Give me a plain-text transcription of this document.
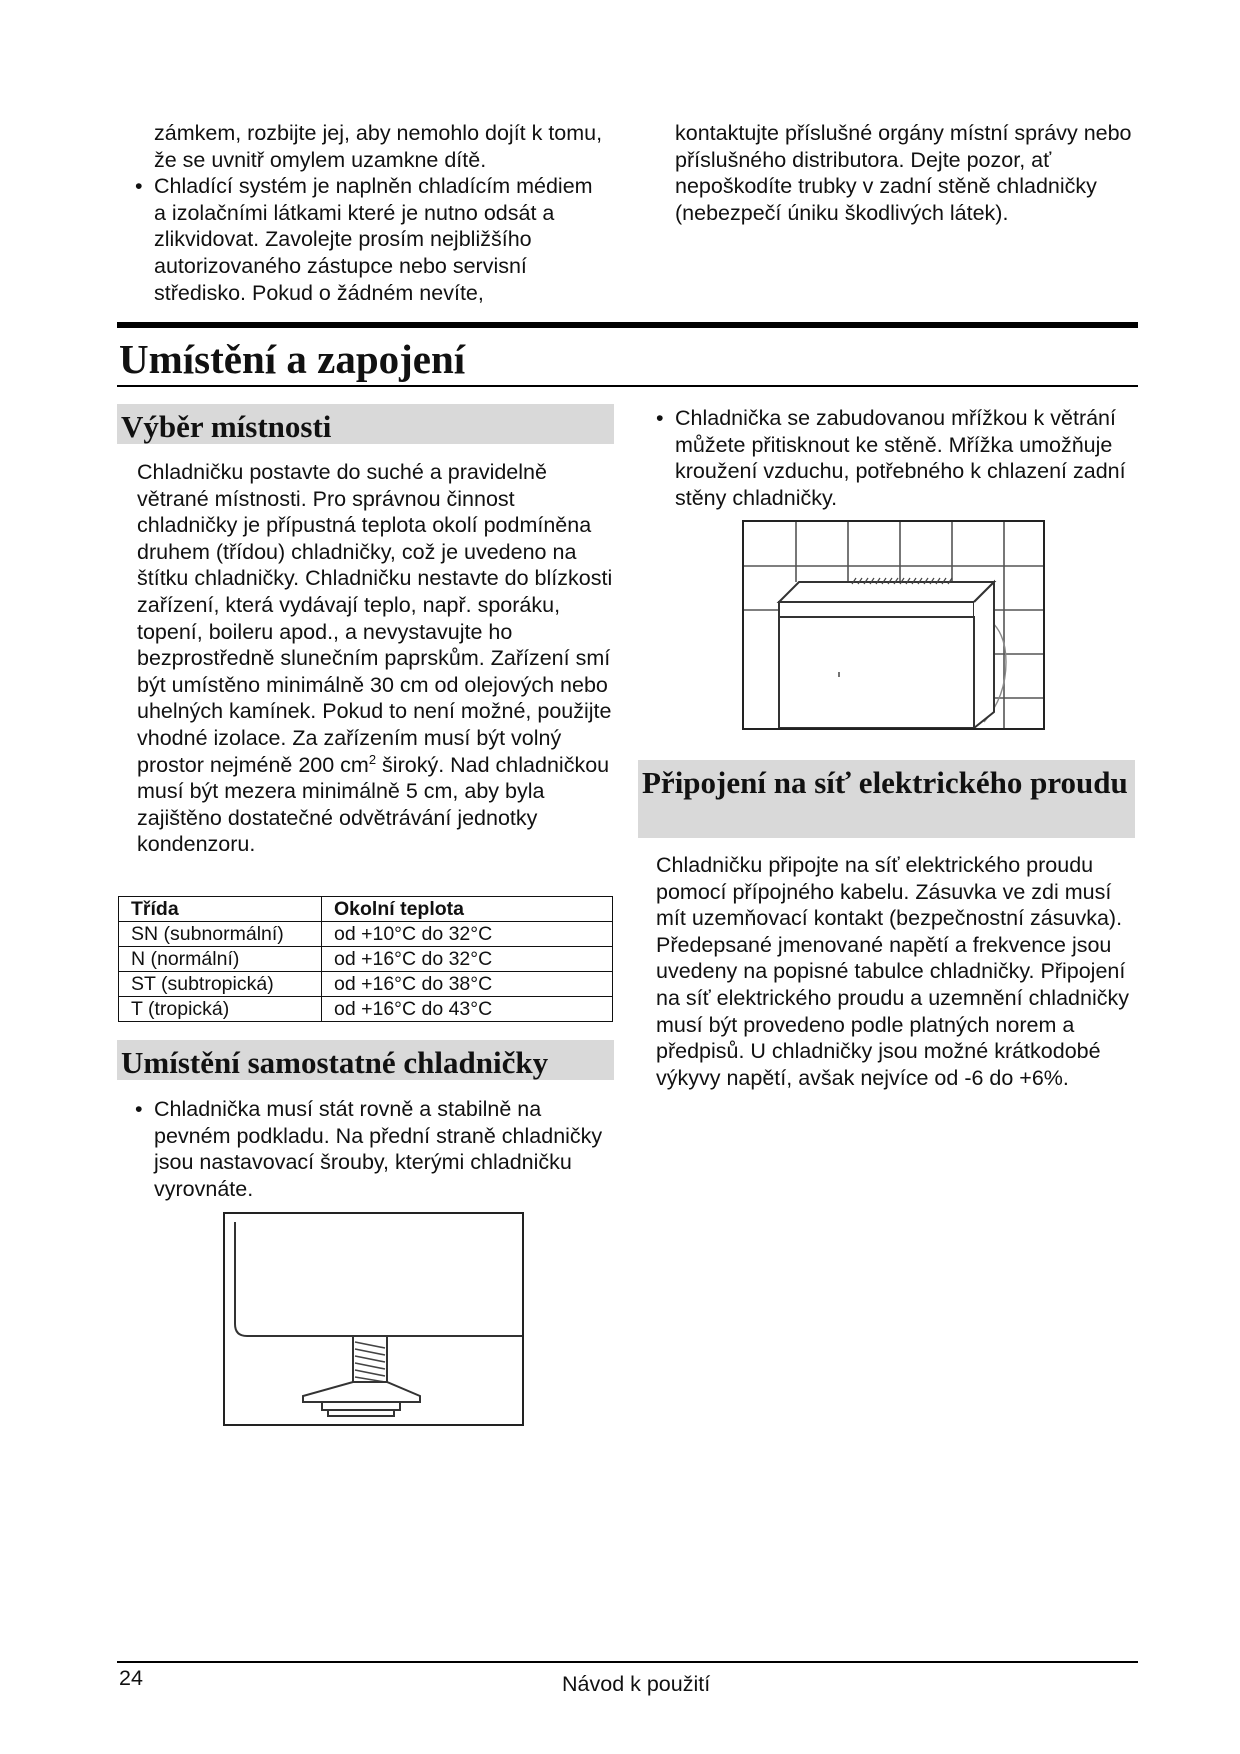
zámkem, rozbijte jej, aby nemohlo dojít k tomu, že se uvnitř omylem uzamkne dítě.

• Chladící systém je naplněn chladícím médiem a izolačními látkami které je nutno odsát a zlikvidovat. Zavolejte prosím nejbližšího autorizovaného zástupce nebo servisní středisko. Pokud o žádném nevíte,

kontaktujte příslušné orgány místní správy nebo příslušného distributora. Dejte pozor, ať nepoškodíte trubky v zadní stěně chladničky (nebezpečí úniku škodlivých látek).

Umístění a zapojení
Výběr místnosti

Chladničku postavte do suché a pravidelně větrané místnosti. Pro správnou činnost chladničky je přípustná teplota okolí podmíněna druhem (třídou) chladničky, což je uvedeno na štítku chladničky. Chladničku nestavte do blízkosti zařízení, která vydávají teplo, např. sporáku, topení, boileru apod., a nevystavujte ho bezprostředně slunečním paprskům. Zařízení smí být umístěno minimálně 30 cm od olejových nebo uhelných kamínek. Pokud to není možné, použijte vhodné izolace. Za zařízením musí být volný prostor nejméně 200 $cm^2$ široký. Nad chladničkou musí být mezera minimálně 5 cm, aby byla zajištěno dostatečné odvětrávání jednotky kondenzoru.

Třída	Okolní teplota
SN (subnormální)	od +10°C do 32°C
N (normální)	od +16°C do 32°C
ST (subtropická)	od +16°C do 38°C
T (tropická)	od +16°C do 43°C
Umístění samostatné chladničky

• Chladnička musí stát rovně a stabilně na pevném podkladu. Na přední straně chladničky jsou nastavovací šrouby, kterými chladničku vyrovnáte.

• Chladnička se zabudovanou mřížkou k větrání můžete přitisknout ke stěně. Mřížka umožňuje kroužení vzduchu, potřebného k chlazení zadní stěny chladničky.

Připojení na síť elektrického proudu

Chladničku připojte na síť elektrického proudu pomocí přípojného kabelu. Zásuvka ve zdi musí mít uzemňovací kontakt (bezpečnostní zásuvka). Předepsané jmenované napětí a frekvence jsou uvedeny na popisné tabulce chladničky. Připojení na síť elektrického proudu a uzemnění chladničky musí být provedeno podle platných norem a předpisů. U chladničky jsou možné krátkodobé výkyvy napětí, avšak nejvíce od -6 do +6%.

24	Návod k použití
